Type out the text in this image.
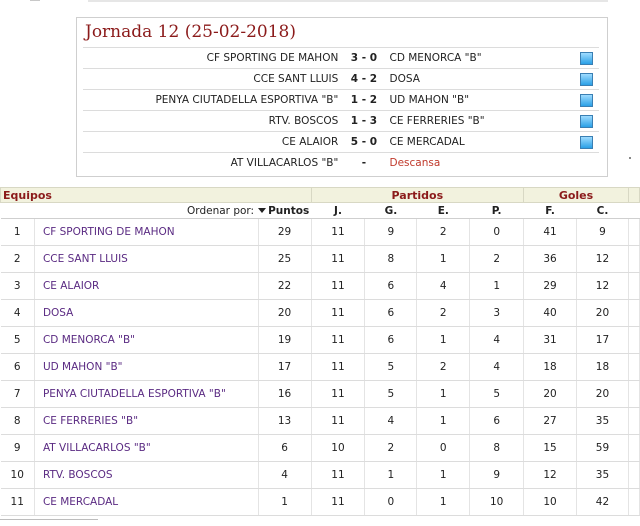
Jornada 12 (25-02-2018)
CF SPORTING DE MAHON	3 - 0	CD MENORCA "B"	
CCE SANT LLUIS	4 - 2	DOSA	
PENYA CIUTADELLA ESPORTIVA "B"	1 - 2	UD MAHON "B"	
RTV. BOSCOS	1 - 3	CE FERRERIES "B"	
CE ALAIOR	5 - 0	CE MERCADAL	
AT VILLACARLOS "B"	-	Descansa	
Equipos			Partidos				Goles		
Ordenar por:		Puntos	J.	G.	E.	P.	F.	C.	
1	CF SPORTING DE MAHON	29	11	9	2	0	41	9	
2	CCE SANT LLUIS	25	11	8	1	2	36	12	
3	CE ALAIOR	22	11	6	4	1	29	12	
4	DOSA	20	11	6	2	3	40	20	
5	CD MENORCA "B"	19	11	6	1	4	31	17	
6	UD MAHON "B"	17	11	5	2	4	18	18	
7	PENYA CIUTADELLA ESPORTIVA "B"	16	11	5	1	5	20	20	
8	CE FERRERIES "B"	13	11	4	1	6	27	35	
9	AT VILLACARLOS "B"	6	10	2	0	8	15	59	
10	RTV. BOSCOS	4	11	1	1	9	12	35	
11	CE MERCADAL	1	11	0	1	10	10	42	
